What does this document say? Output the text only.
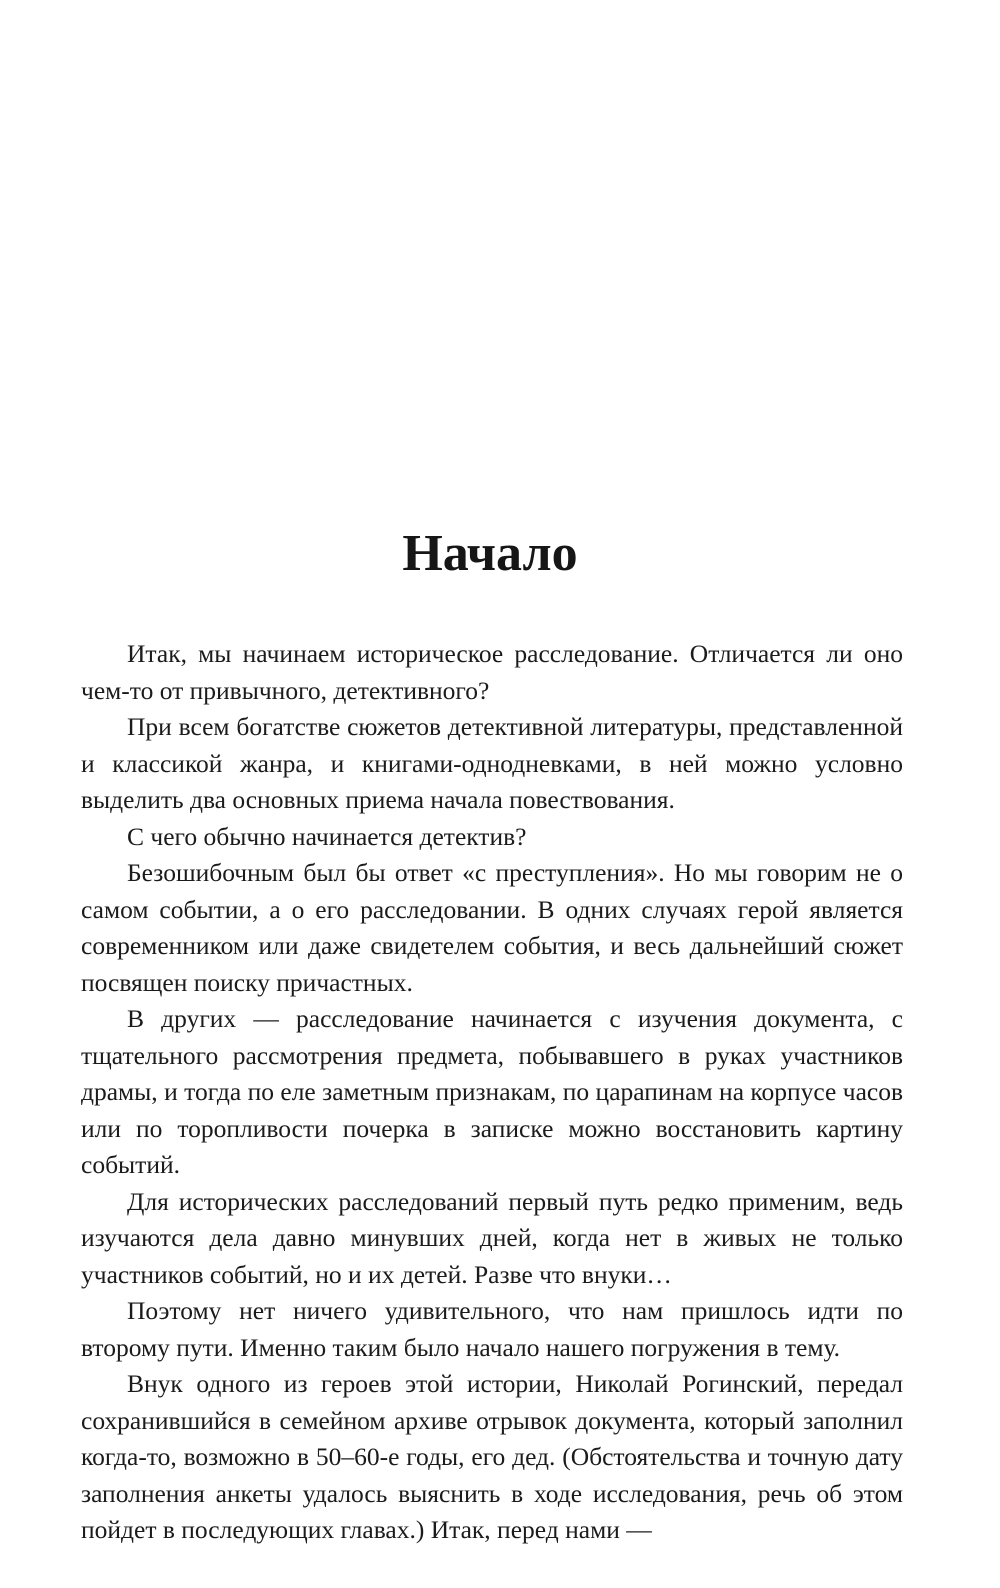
Начало

Итак, мы начинаем историческое расследование. Отличается ли оно чем-то от привычного, детективного?

При всем богатстве сюжетов детективной литературы, представленной и классикой жанра, и книгами-однодневками, в ней можно условно выделить два основных приема начала повествования.

С чего обычно начинается детектив?

Безошибочным был бы ответ «с преступления». Но мы говорим не о самом событии, а о его расследовании. В одних случаях герой является современником или даже свидетелем события, и весь дальнейший сюжет посвящен поиску причастных.

В других — расследование начинается с изучения документа, с тщательного рассмотрения предмета, побывавшего в руках участников драмы, и тогда по еле заметным признакам, по царапинам на корпусе часов или по торопливости почерка в записке можно восстановить картину событий.

Для исторических расследований первый путь редко применим, ведь изучаются дела давно минувших дней, когда нет в живых не только участников событий, но и их детей. Разве что внуки…

Поэтому нет ничего удивительного, что нам пришлось идти по второму пути. Именно таким было начало нашего погружения в тему.

Внук одного из героев этой истории, Николай Рогинский, передал сохранившийся в семейном архиве отрывок документа, который заполнил когда-то, возможно в 50–60-е годы, его дед. (Обстоятельства и точную дату заполнения анкеты удалось выяснить в ходе исследования, речь об этом пойдет в последующих главах.) Итак, перед нами —
